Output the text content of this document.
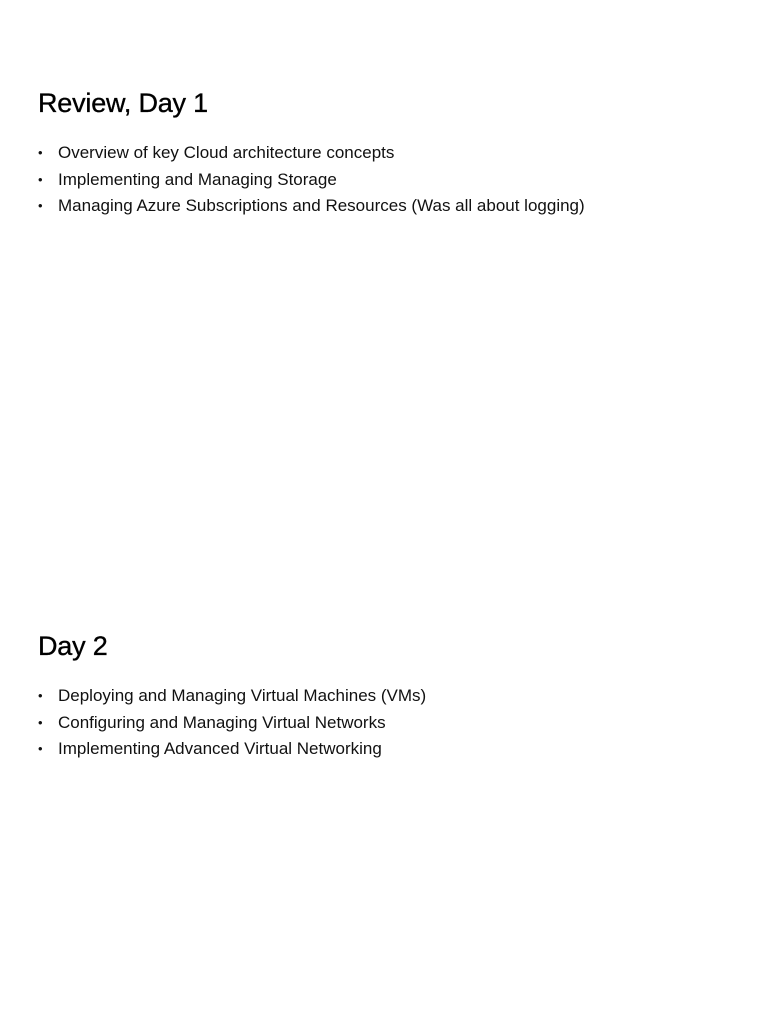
Review, Day 1
• Overview of key Cloud architecture concepts
• Implementing and Managing Storage
• Managing Azure Subscriptions and Resources (Was all about logging)
Day 2
• Deploying and Managing Virtual Machines (VMs)
• Configuring and Managing Virtual Networks
• Implementing Advanced Virtual Networking
